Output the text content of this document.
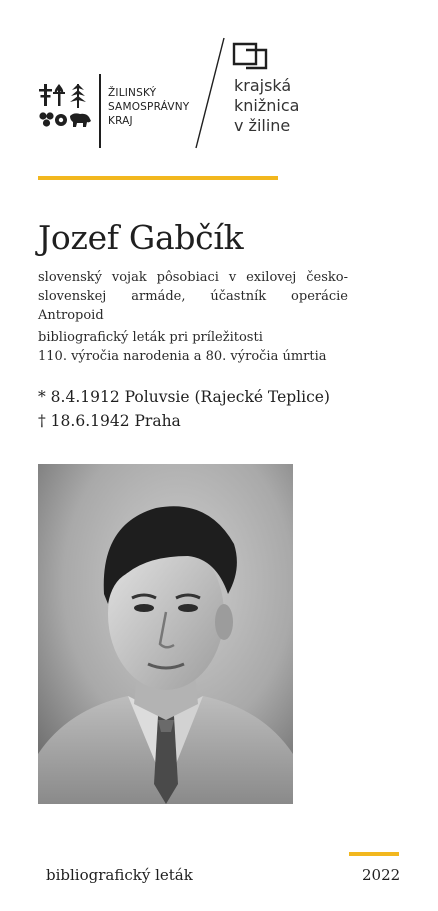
ŽILINSKÝ
SAMOSPRÁVNY
KRAJ
krajská
knižnica
v žiline
Jozef Gabčík
slovenský vojak pôsobiaci v exilovej česko-slovenskej armáde, účastník operácie Antropoid
bibliografický leták pri príležitosti
110. výročia narodenia a 80. výročia úmrtia
* 8.4.1912 Poluvsie (Rajecké Teplice)
† 18.6.1942 Praha
bibliografický leták	2022
